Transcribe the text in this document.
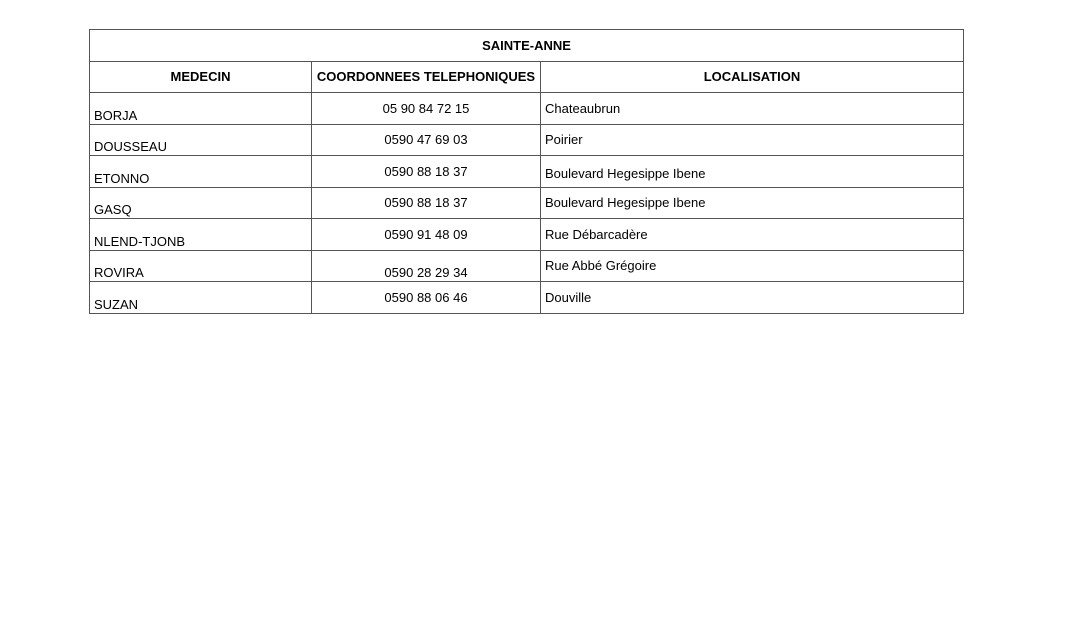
SAINTE-ANNE		
MEDECIN	COORDONNEES TELEPHONIQUES	LOCALISATION
BORJA	05 90 84 72 15	Chateaubrun
DOUSSEAU	0590 47 69 03	Poirier
ETONNO	0590 88 18 37	Boulevard Hegesippe Ibene
GASQ	0590 88 18 37	Boulevard Hegesippe Ibene
NLEND-TJONB	0590 91 48 09	Rue Débarcadère
ROVIRA	0590 28 29 34	Rue Abbé Grégoire
SUZAN	0590 88 06 46	Douville
